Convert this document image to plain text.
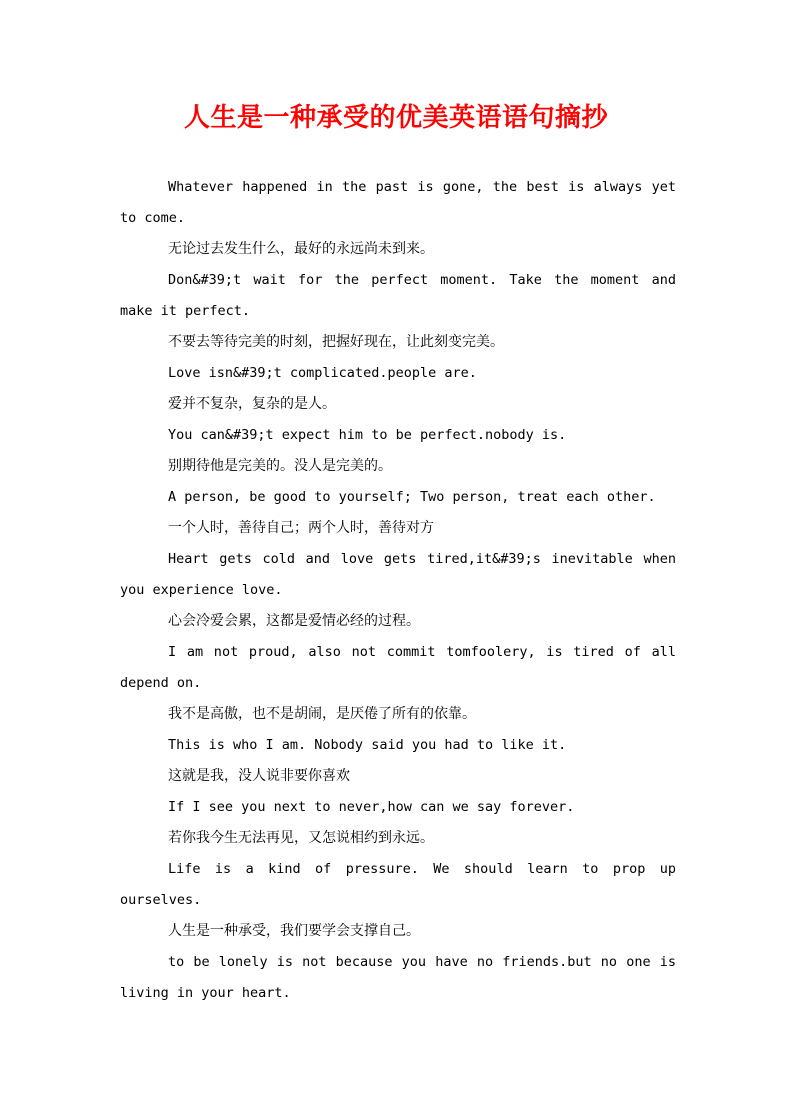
人生是一种承受的优美英语语句摘抄

Whatever happened in the past is gone, the best is always yet to come.

无论过去发生什么，最好的永远尚未到来。

Don&#39;t wait for the perfect moment. Take the moment and make it perfect.

不要去等待完美的时刻，把握好现在，让此刻变完美。

Love isn&#39;t complicated.people are.

爱并不复杂，复杂的是人。

You can&#39;t expect him to be perfect.nobody is.

别期待他是完美的。没人是完美的。

A person, be good to yourself; Two person, treat each other.

一个人时，善待自己；两个人时，善待对方

Heart gets cold and love gets tired,it&#39;s inevitable when you experience love.

心会冷爱会累，这都是爱情必经的过程。

I am not proud, also not commit tomfoolery, is tired of all depend on.

我不是高傲，也不是胡闹，是厌倦了所有的依靠。

This is who I am. Nobody said you had to like it.

这就是我，没人说非要你喜欢

If I see you next to never,how can we say forever.

若你我今生无法再见，又怎说相约到永远。

Life is a kind of pressure. We should learn to prop up ourselves.

人生是一种承受，我们要学会支撑自己。

to be lonely is not because you have no friends.but no one is living in your heart.
